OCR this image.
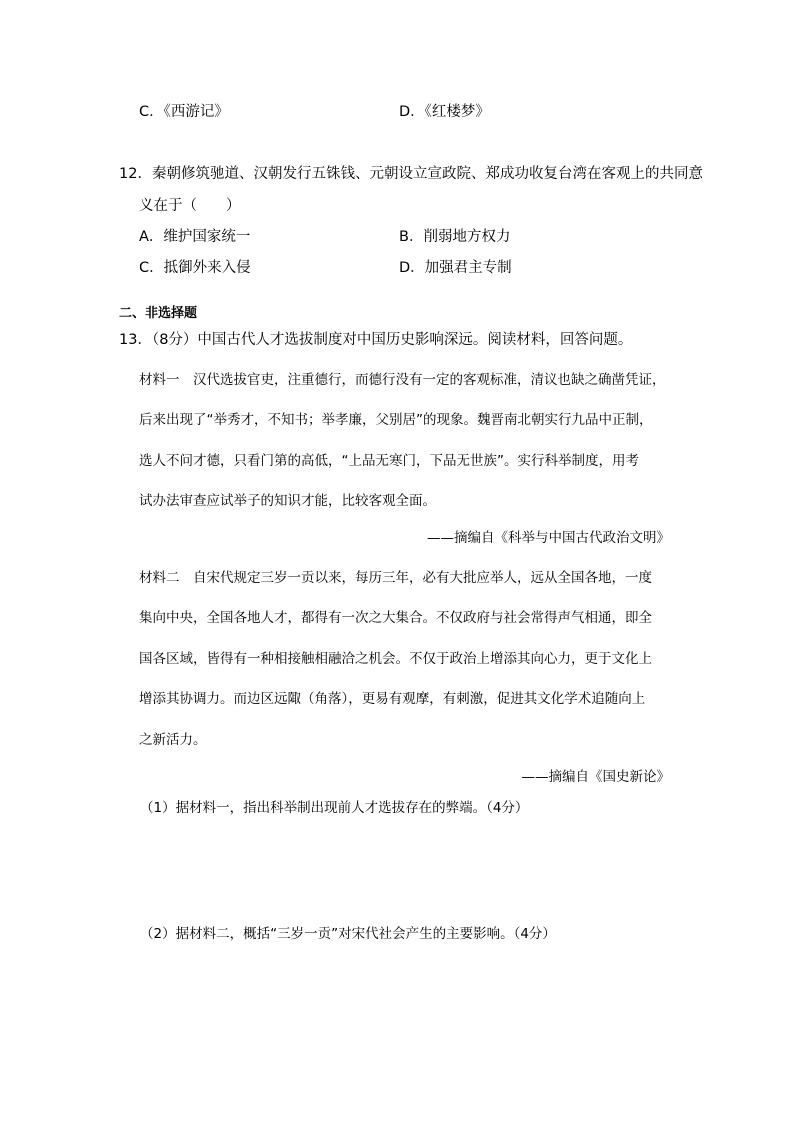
C．《西游记》	D．《红楼梦》
12．秦朝修筑驰道、汉朝发行五铢钱、元朝设立宣政院、郑成功收复台湾在客观上的共同意
义在于（　　）
A．维护国家统一	B．削弱地方权力
C．抵御外来入侵	D．加强君主专制
二、非选择题
13．（8分）中国古代人才选拔制度对中国历史影响深远。阅读材料，回答问题。
材料一　汉代选拔官吏，注重德行，而德行没有一定的客观标准，清议也缺之确凿凭证，
后来出现了“举秀才，不知书；举孝廉，父别居”的现象。魏晋南北朝实行九品中正制，
选人不问才德，只看门第的高低，“上品无寒门，下品无世族”。实行科举制度，用考
试办法审查应试举子的知识才能，比较客观全面。
——摘编自《科举与中国古代政治文明》
材料二　自宋代规定三岁一贡以来，每历三年，必有大批应举人，远从全国各地，一度
集向中央，全国各地人才，都得有一次之大集合。不仅政府与社会常得声气相通，即全
国各区域，皆得有一种相接触相融洽之机会。不仅于政治上增添其向心力，更于文化上
增添其协调力。而边区远陬（角落），更易有观摩，有刺激，促进其文化学术追随向上
之新活力。
——摘编自《国史新论》
（1）据材料一，指出科举制出现前人才选拔存在的弊端。（4分）
（2）据材料二，概括“三岁一贡”对宋代社会产生的主要影响。（4分）
